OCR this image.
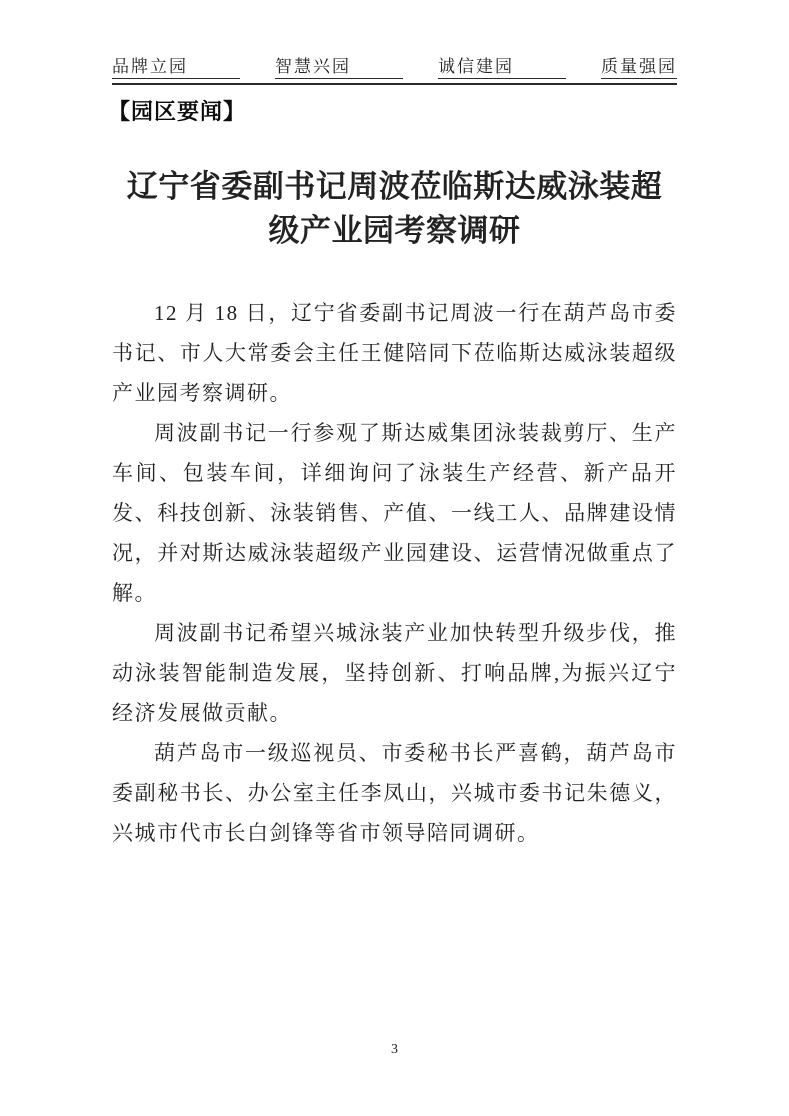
品牌立园	智慧兴园	诚信建园	质量强园
【园区要闻】
辽宁省委副书记周波莅临斯达威泳装超级产业园考察调研

12 月 18 日，辽宁省委副书记周波一行在葫芦岛市委书记、市人大常委会主任王健陪同下莅临斯达威泳装超级产业园考察调研。

周波副书记一行参观了斯达威集团泳装裁剪厅、生产车间、包装车间，详细询问了泳装生产经营、新产品开发、科技创新、泳装销售、产值、一线工人、品牌建设情况，并对斯达威泳装超级产业园建设、运营情况做重点了解。

周波副书记希望兴城泳装产业加快转型升级步伐，推动泳装智能制造发展，坚持创新、打响品牌,为振兴辽宁经济发展做贡献。

葫芦岛市一级巡视员、市委秘书长严喜鹤，葫芦岛市委副秘书长、办公室主任李凤山，兴城市委书记朱德义，兴城市代市长白剑锋等省市领导陪同调研。

3
